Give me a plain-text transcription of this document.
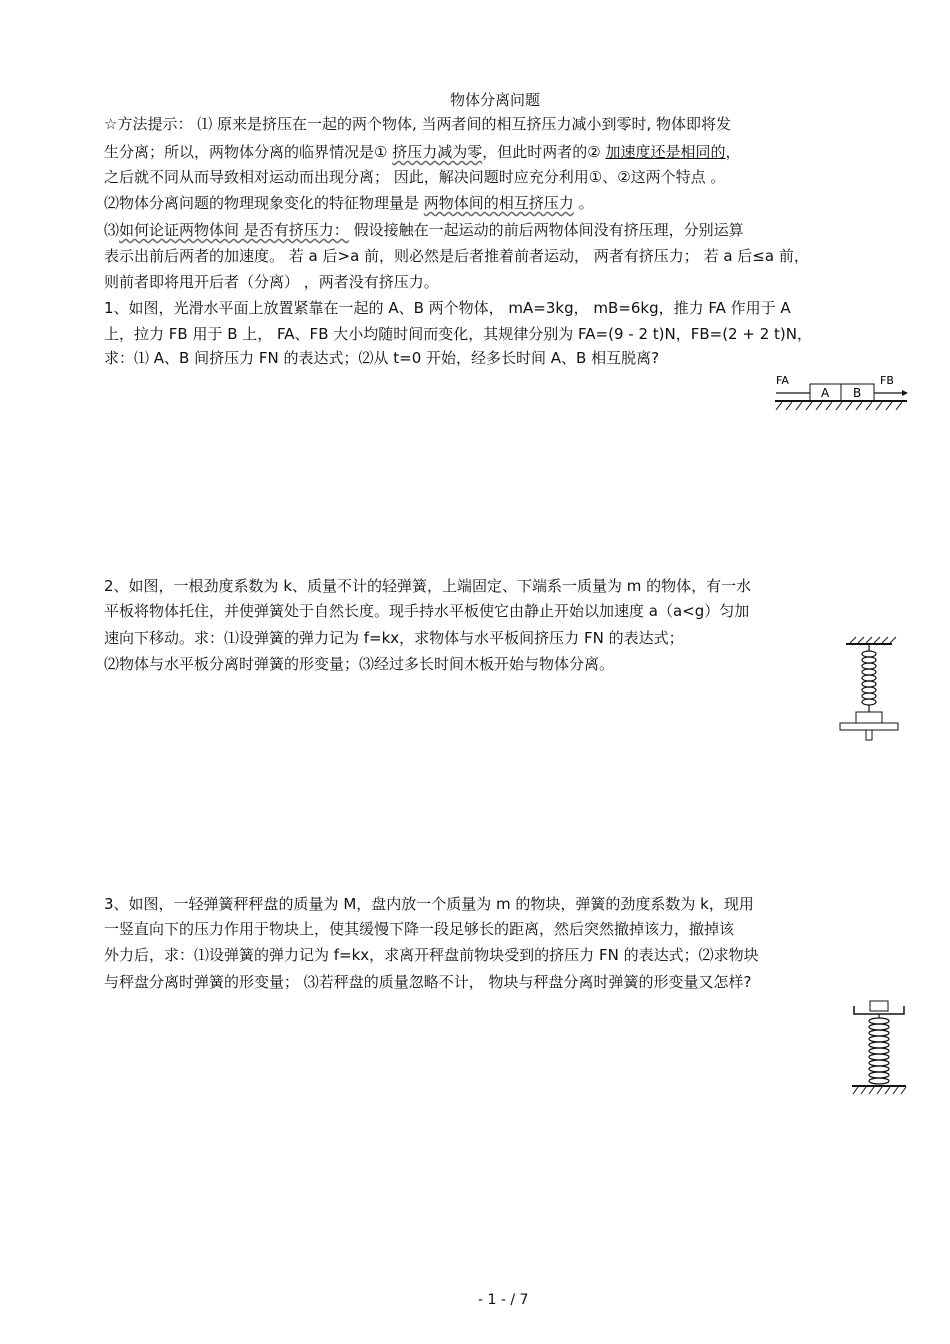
物体分离问题
☆方法提示： ⑴ 原来是挤压在一起的两个物体, 当两者间的相互挤压力减小到零时, 物体即将发
生分离；所以，两物体分离的临界情况是① 挤压力减为零，但此时两者的② 加速度还是相同的，
之后就不同从而导致相对运动而出现分离； 因此，解决问题时应充分利用①、②这两个特点 。
⑵物体分离问题的物理现象变化的特征物理量是 两物体间的相互挤压力 。
⑶如何论证两物体间 是否有挤压力： 假设接触在一起运动的前后两物体间没有挤压理，分别运算
表示出前后两者的加速度。 若 a 后>a 前，则必然是后者推着前者运动， 两者有挤压力； 若 a 后≤a 前，
则前者即将甩开后者（分离） ，两者没有挤压力。
1、如图，光滑水平面上放置紧靠在一起的 A、B 两个物体， mA=3kg， mB=6kg，推力 FA 作用于 A
上，拉力 FB 用于 B 上， FA、FB 大小均随时间而变化，其规律分别为 FA=(9 - 2 t)N，FB=(2 + 2 t)N，
求：⑴ A、B 间挤压力 FN 的表达式；⑵从 t=0 开始，经多长时间 A、B 相互脱离?
FA	FB
A B
2、如图，一根劲度系数为 k、质量不计的轻弹簧，上端固定、下端系一质量为 m 的物体，有一水
平板将物体托住，并使弹簧处于自然长度。现手持水平板使它由静止开始以加速度 a（a<g）匀加
速向下移动。求：⑴设弹簧的弹力记为 f=kx，求物体与水平板间挤压力 FN 的表达式；
⑵物体与水平板分离时弹簧的形变量；⑶经过多长时间木板开始与物体分离。
3、如图，一轻弹簧秤秤盘的质量为 M，盘内放一个质量为 m 的物块，弹簧的劲度系数为 k，现用
一竖直向下的压力作用于物块上，使其缓慢下降一段足够长的距离，然后突然撤掉该力，撤掉该
外力后，求：⑴设弹簧的弹力记为 f=kx，求离开秤盘前物块受到的挤压力 FN 的表达式；⑵求物块
与秤盘分离时弹簧的形变量； ⑶若秤盘的质量忽略不计， 物块与秤盘分离时弹簧的形变量又怎样?
- 1 - / 7
